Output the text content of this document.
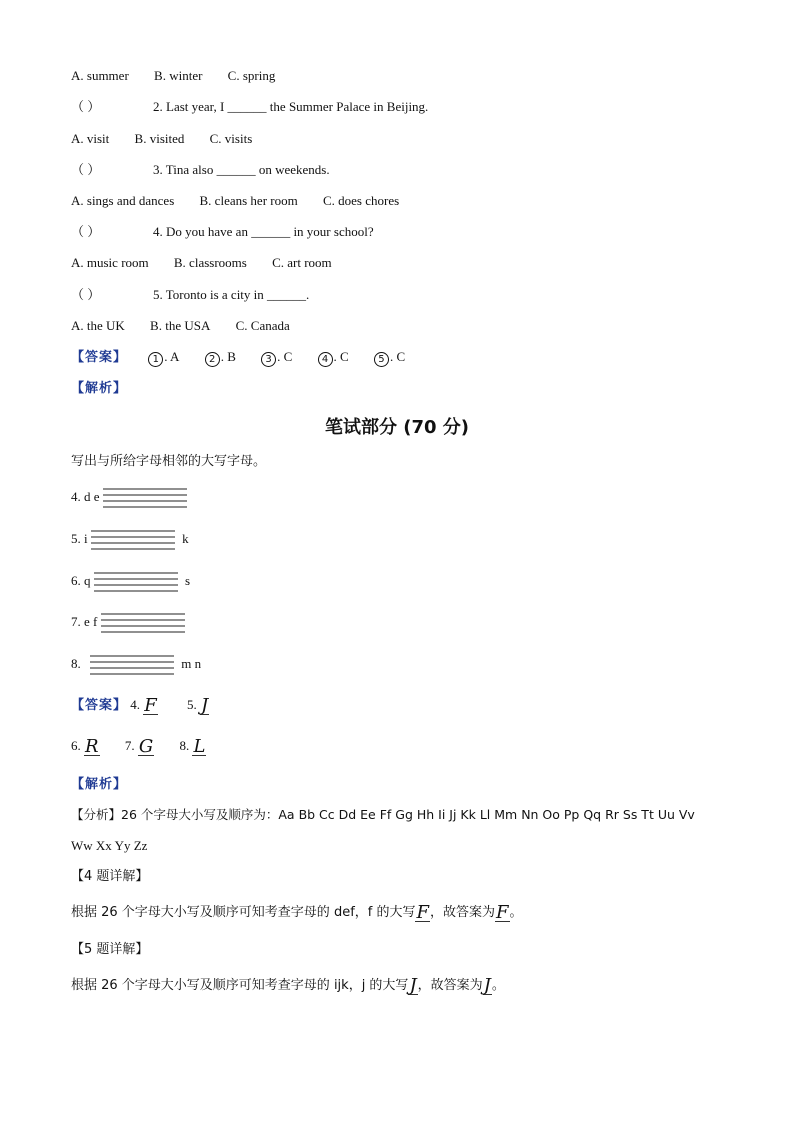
A. summer B. winter C. spring
（ ）	2. Last year, I ______ the Summer Palace in Beijing.
A. visit B. visited C. visits
（ ）	3. Tina also ______ on weekends.
A. sings and dances B. cleans her room C. does chores
（ ）	4. Do you have an ______ in your school?
A. music room B. classrooms C. art room
（ ）	5. Toronto is a city in ______.
A. the UK B. the USA C. Canada
【答案】	1 . A	2 . B	3 . C	4 . C	5 . C
【解析】
笔试部分 (70 分)
写出与所给字母相邻的大写字母。
4. d e
5. i	k
6. q	s
7. e f
8.	m n
【答案】 4. F 5. J
6. R 7. G 8. L
【解析】
【分析】26 个字母大小写及顺序为：Aa Bb Cc Dd Ee Ff Gg Hh Ii Jj Kk Ll Mm Nn Oo Pp Qq Rr Ss Tt Uu Vv
Ww Xx Yy Zz
【4 题详解】
根据 26 个字母大小写及顺序可知考查字母的 def，f 的大写F，故答案为F。
【5 题详解】
根据 26 个字母大小写及顺序可知考查字母的 ijk，j 的大写J，故答案为J。
